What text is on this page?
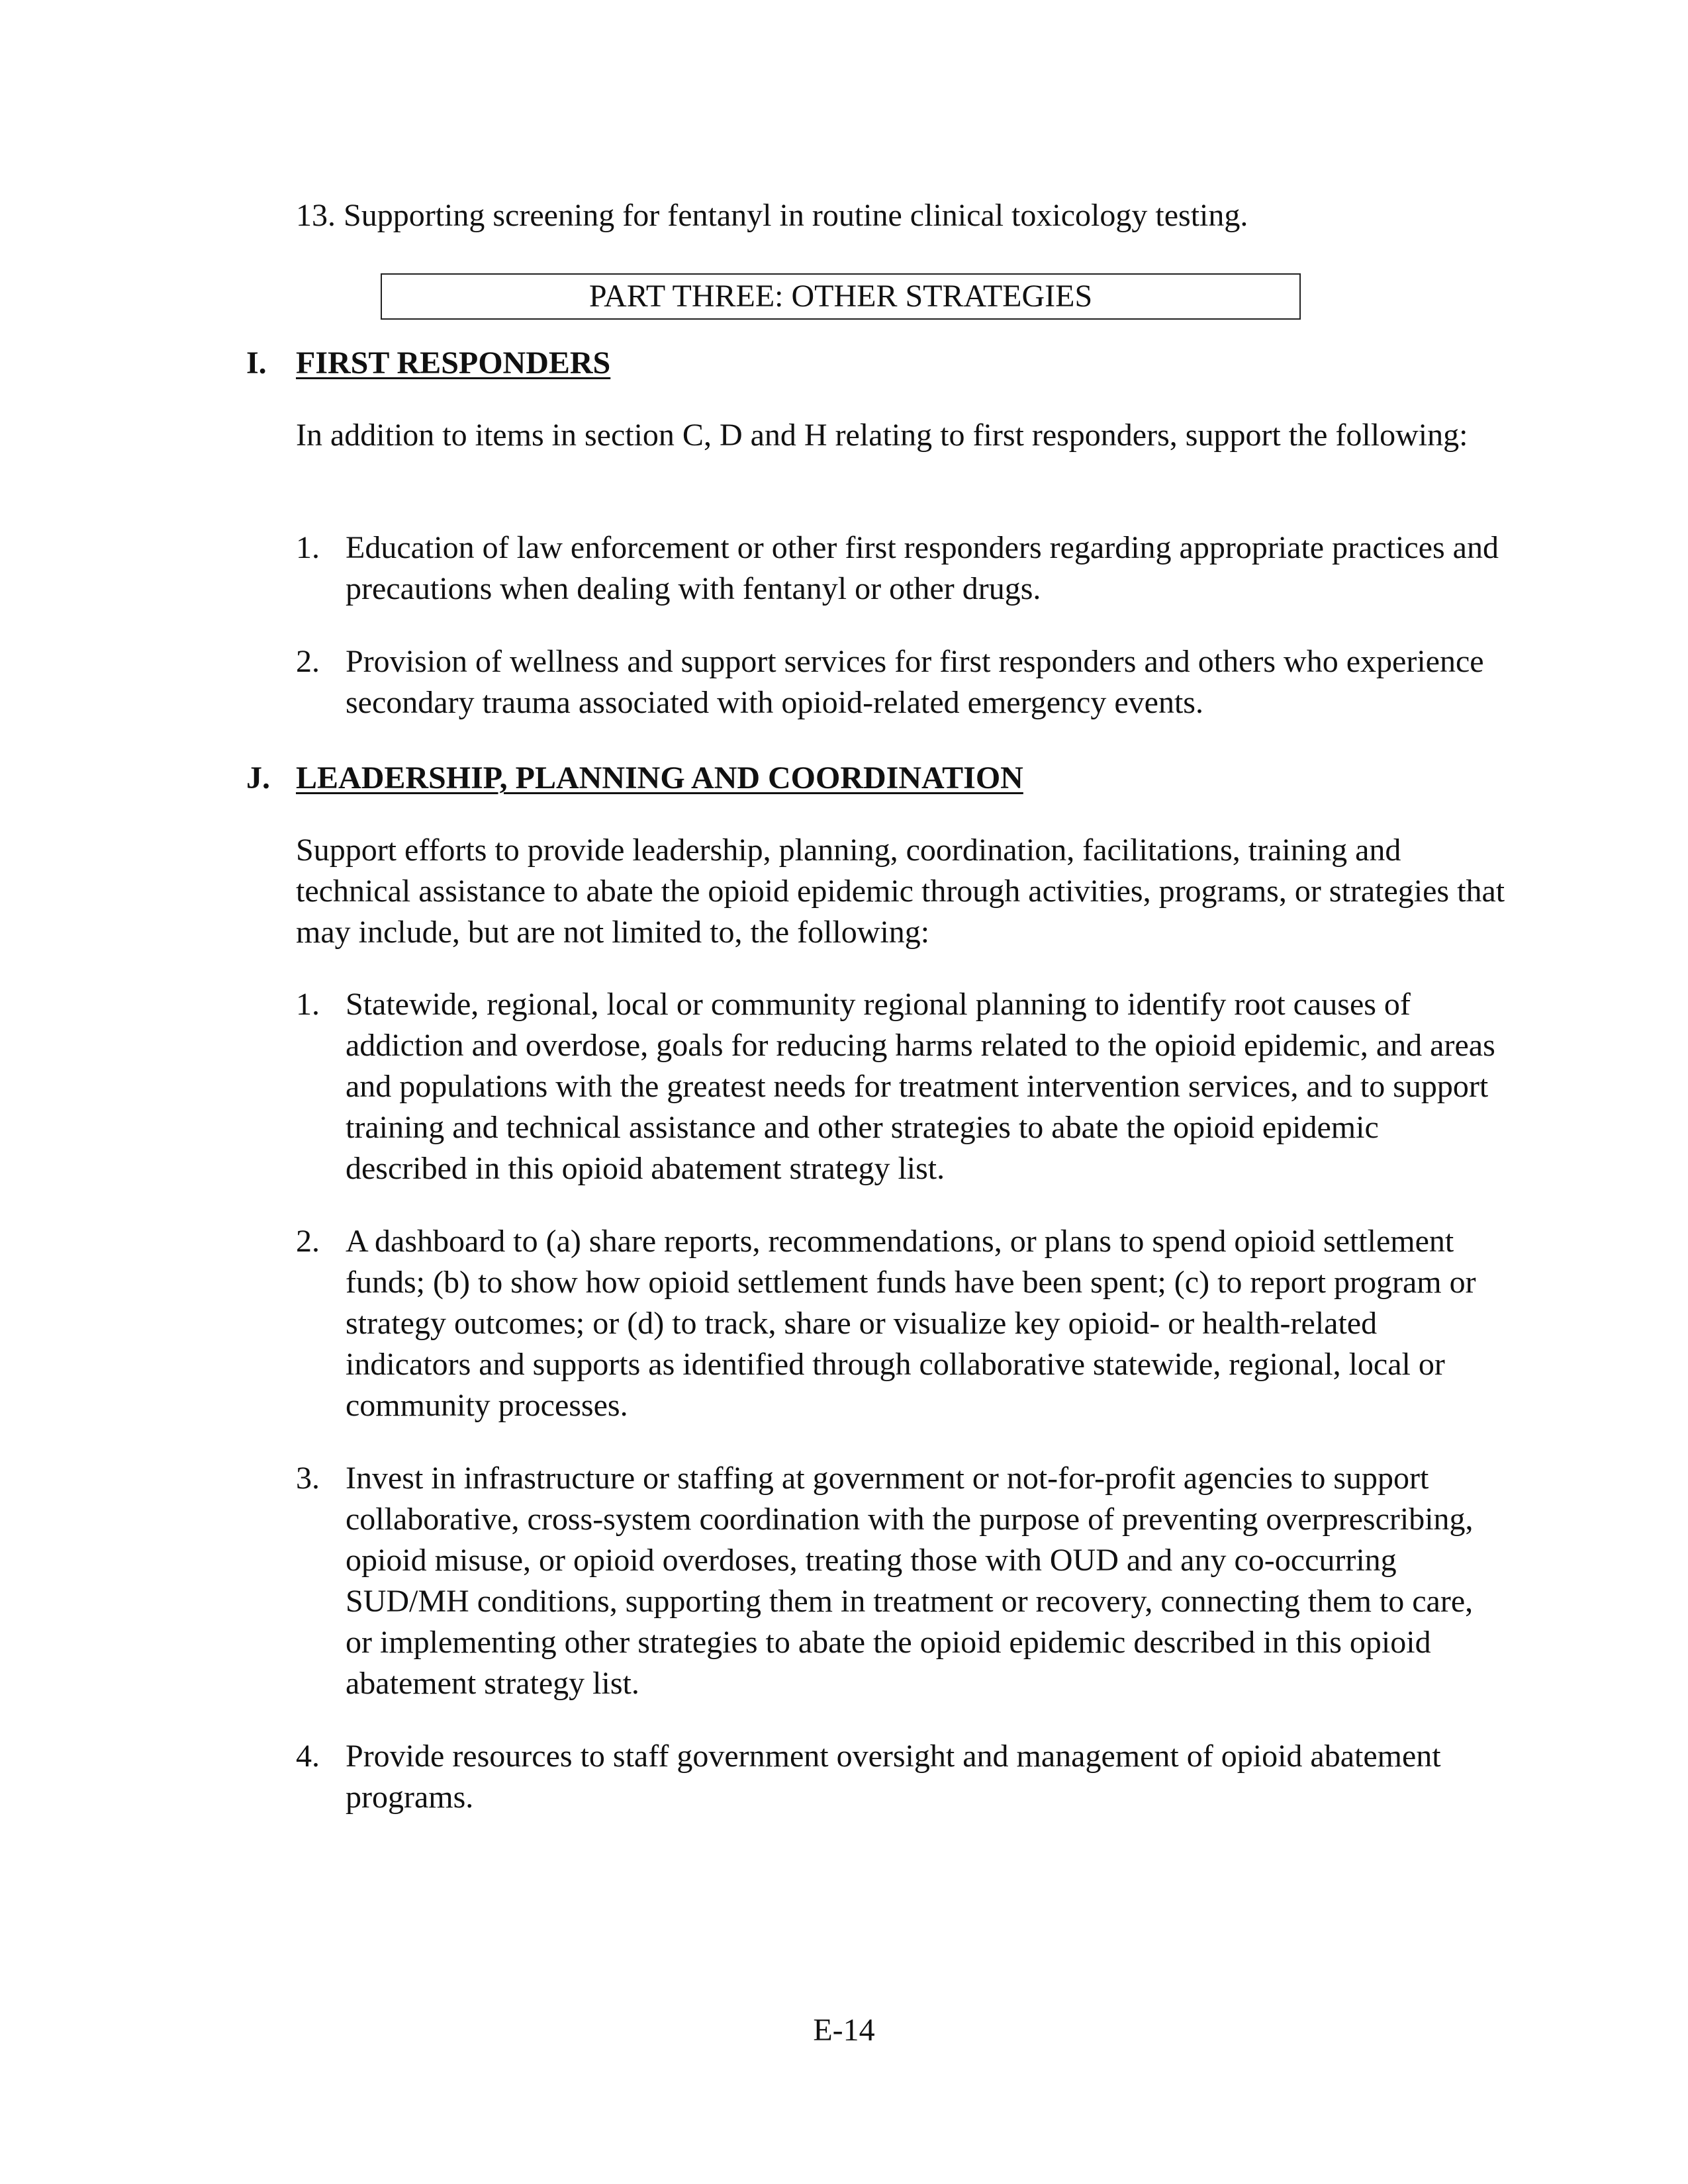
13. Supporting screening for fentanyl in routine clinical toxicology testing.
PART THREE: OTHER STRATEGIES
I. FIRST RESPONDERS
In addition to items in section C, D and H relating to first responders, support the following:
1. Education of law enforcement or other first responders regarding appropriate practices and precautions when dealing with fentanyl or other drugs.
2. Provision of wellness and support services for first responders and others who experience secondary trauma associated with opioid-related emergency events.
J. LEADERSHIP, PLANNING AND COORDINATION
Support efforts to provide leadership, planning, coordination, facilitations, training and technical assistance to abate the opioid epidemic through activities, programs, or strategies that may include, but are not limited to, the following:
1. Statewide, regional, local or community regional planning to identify root causes of addiction and overdose, goals for reducing harms related to the opioid epidemic, and areas and populations with the greatest needs for treatment intervention services, and to support training and technical assistance and other strategies to abate the opioid epidemic described in this opioid abatement strategy list.
2. A dashboard to (a) share reports, recommendations, or plans to spend opioid settlement funds; (b) to show how opioid settlement funds have been spent; (c) to report program or strategy outcomes; or (d) to track, share or visualize key opioid- or health-related indicators and supports as identified through collaborative statewide, regional, local or community processes.
3. Invest in infrastructure or staffing at government or not-for-profit agencies to support collaborative, cross-system coordination with the purpose of preventing overprescribing, opioid misuse, or opioid overdoses, treating those with OUD and any co-occurring SUD/MH conditions, supporting them in treatment or recovery, connecting them to care, or implementing other strategies to abate the opioid epidemic described in this opioid abatement strategy list.
4. Provide resources to staff government oversight and management of opioid abatement programs.
E-14
